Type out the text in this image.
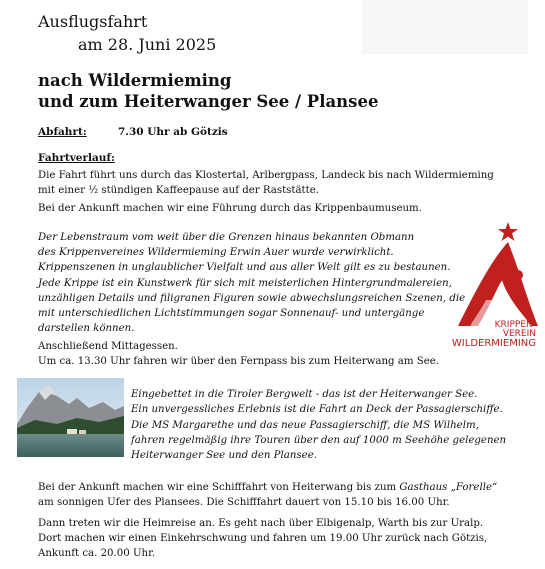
Ausflugsfahrt
am 28. Juni 2025
nach Wildermieming
und zum Heiterwanger See / Plansee
Abfahrt:	7.30 Uhr ab Götzis
Fahrtverlauf:
Die Fahrt führt uns durch das Klostertal, Arlbergpass, Landeck bis nach Wildermieming
mit einer ½ stündigen Kaffeepause auf der Raststätte.
Bei der Ankunft machen wir eine Führung durch das Krippenbaumuseum.
Der Lebenstraum vom weit über die Grenzen hinaus bekannten Obmann
des Krippenvereines Wildermieming Erwin Auer wurde verwirklicht.
Krippenszenen in unglaublicher Vielfalt und aus aller Welt gilt es zu bestaunen.
Jede Krippe ist ein Kunstwerk für sich mit meisterlichen Hintergrundmalereien,
unzähligen Details und filigranen Figuren sowie abwechslungsreichen Szenen, die
mit unterschiedlichen Lichtstimmungen sogar Sonnenauf- und untergänge
darstellen können.	KRIPPEN-
VEREIN
WILDERMIEMING
Anschließend Mittagessen.
Um ca. 13.30 Uhr fahren wir über den Fernpass bis zum Heiterwang am See.
Eingebettet in die Tiroler Bergwelt - das ist der Heiterwanger See.
Ein unvergessliches Erlebnis ist die Fahrt an Deck der Passagierschiffe.
Die MS Margarethe und das neue Passagierschiff, die MS Wilhelm,
fahren regelmäßig ihre Touren über den auf 1000 m Seehöhe gelegenen
Heiterwanger See und den Plansee.
Bei der Ankunft machen wir eine Schifffahrt von Heiterwang bis zum Gasthaus „Forelle“
am sonnigen Ufer des Plansees. Die Schifffahrt dauert von 15.10 bis 16.00 Uhr.
Dann treten wir die Heimreise an. Es geht nach über Elbigenalp, Warth bis zur Uralp.
Dort machen wir einen Einkehrschwung und fahren um 19.00 Uhr zurück nach Götzis,
Ankunft ca. 20.00 Uhr.
